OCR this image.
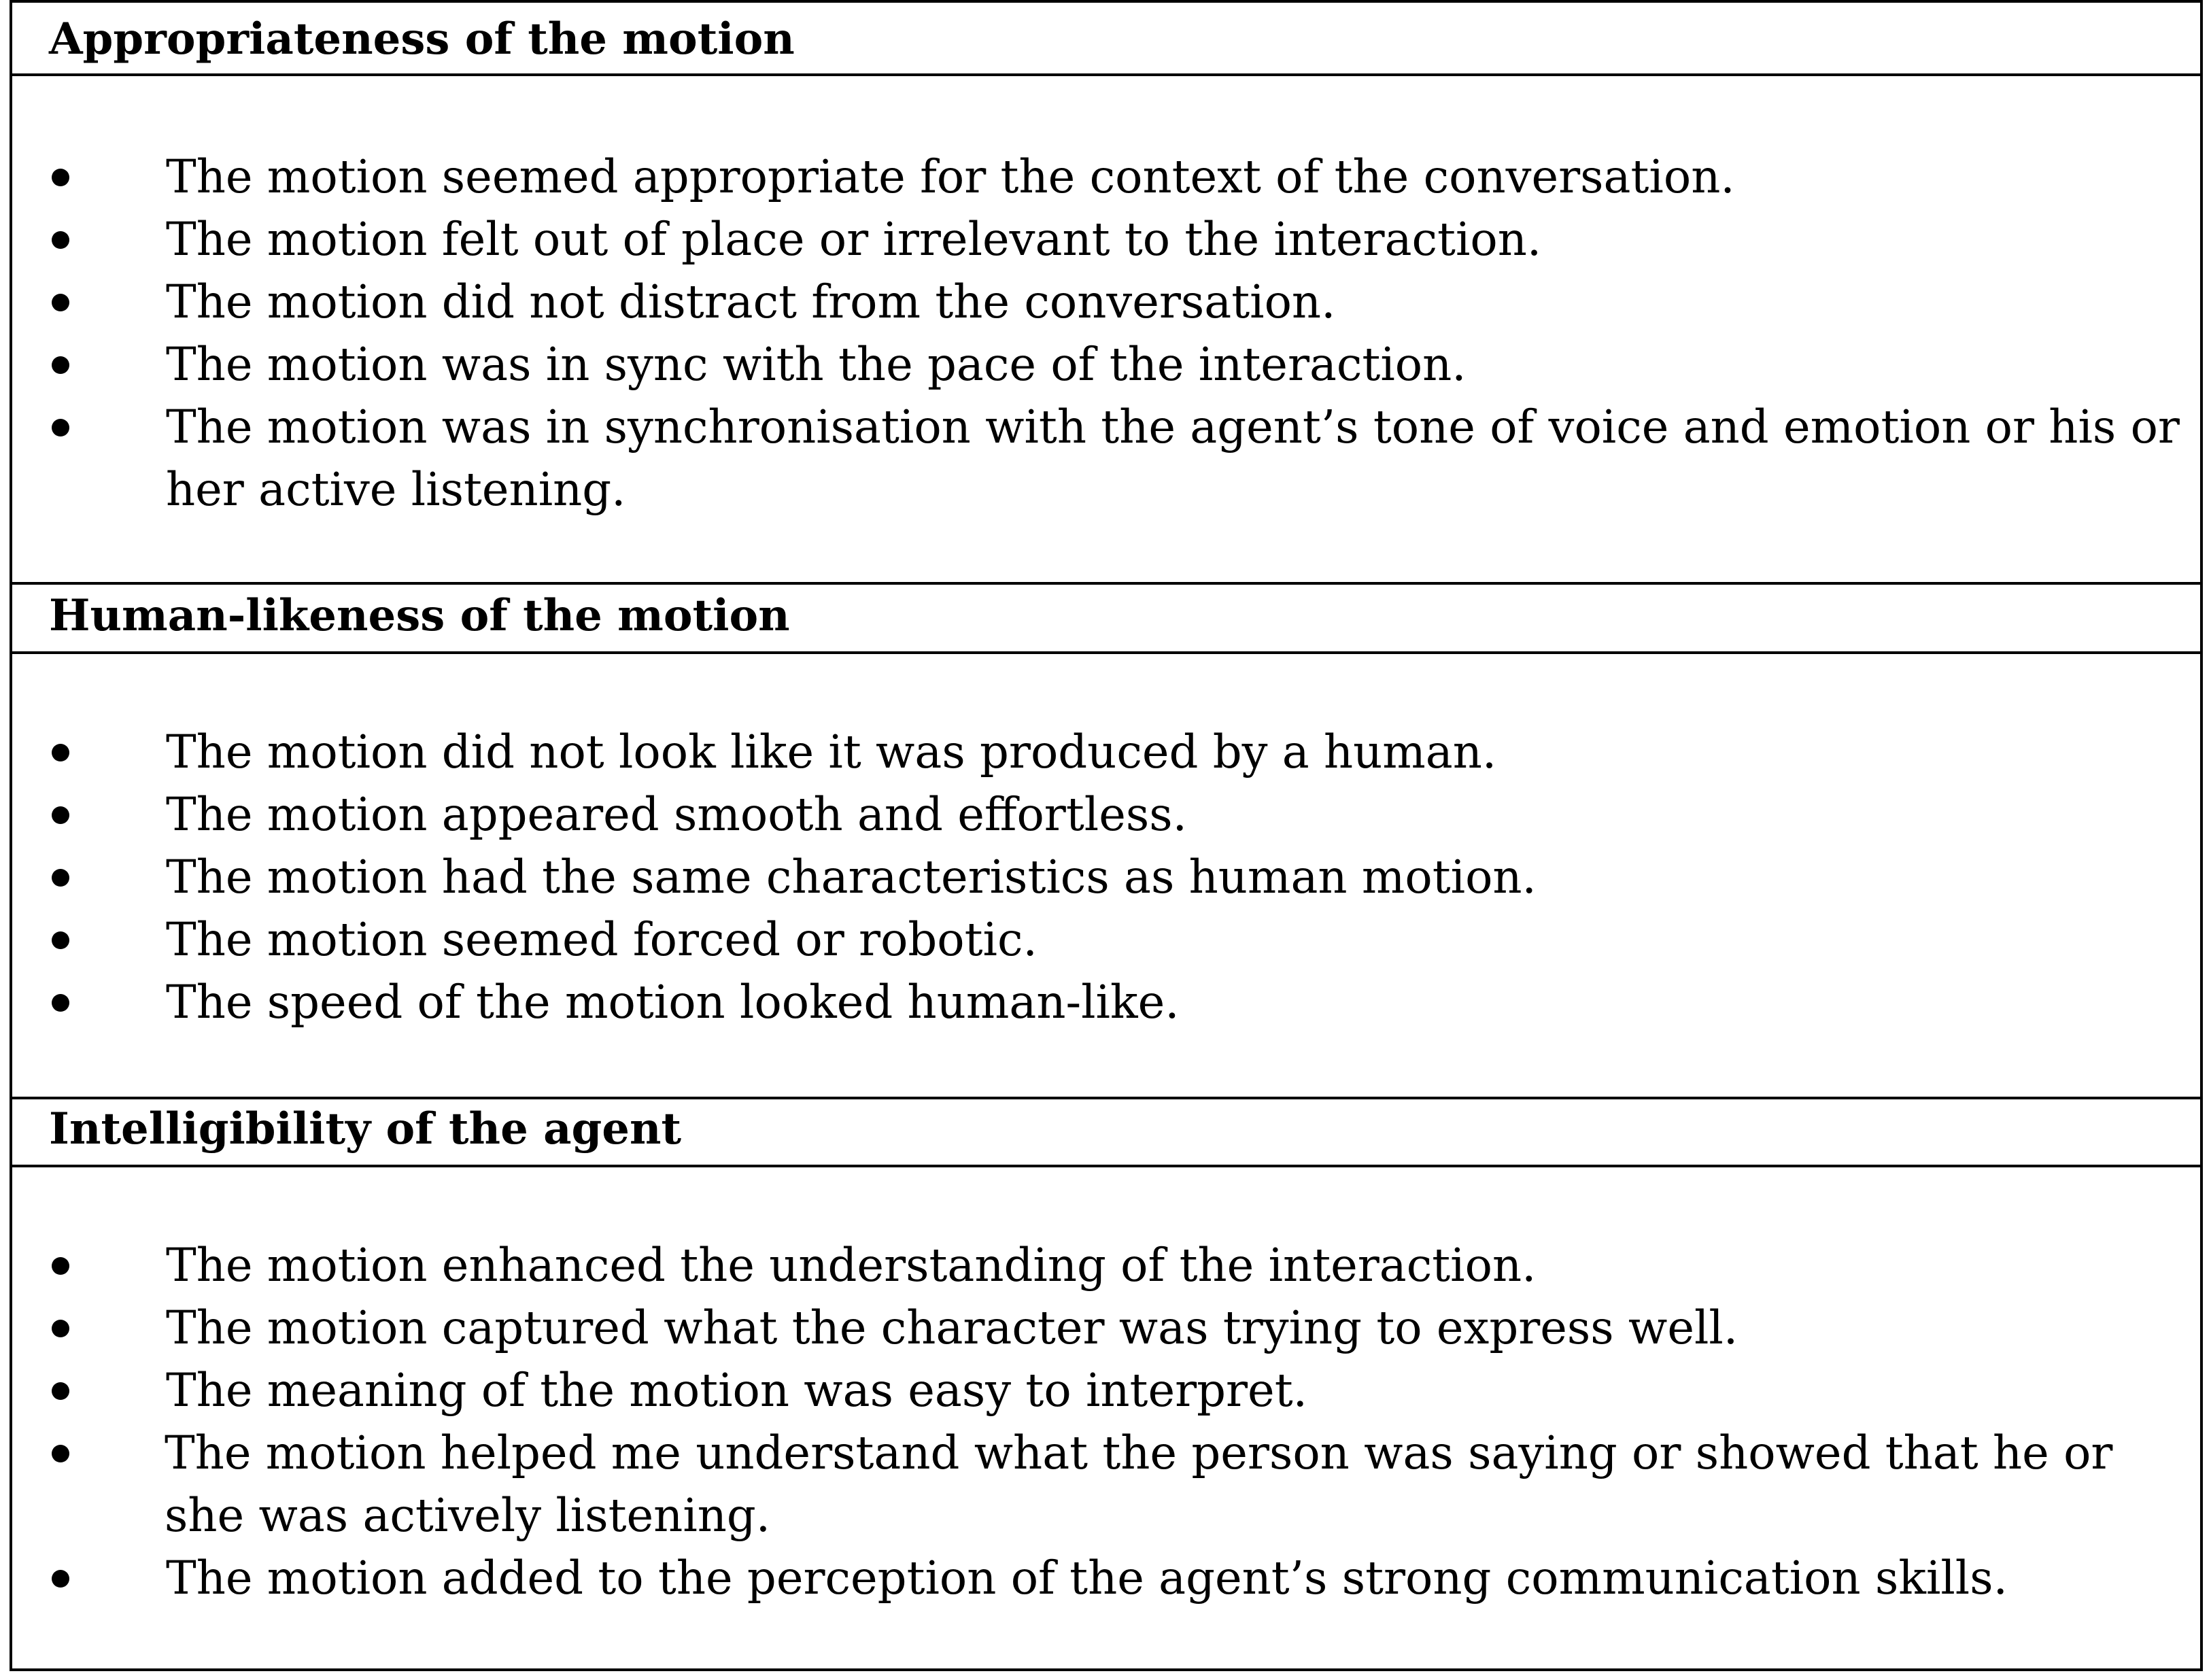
Appropriateness of the motion
The motion seemed appropriate for the context of the conversation.
The motion felt out of place or irrelevant to the interaction.
The motion did not distract from the conversation.
The motion was in sync with the pace of the interaction.
The motion was in synchronisation with the agent’s tone of voice and emotion or his or her active listening.
Human-likeness of the motion
The motion did not look like it was produced by a human.
The motion appeared smooth and effortless.
The motion had the same characteristics as human motion.
The motion seemed forced or robotic.
The speed of the motion looked human-like.
Intelligibility of the agent
The motion enhanced the understanding of the interaction.
The motion captured what the character was trying to express well.
The meaning of the motion was easy to interpret.
The motion helped me understand what the person was saying or showed that he or she was actively listening.
The motion added to the perception of the agent’s strong communication skills.
